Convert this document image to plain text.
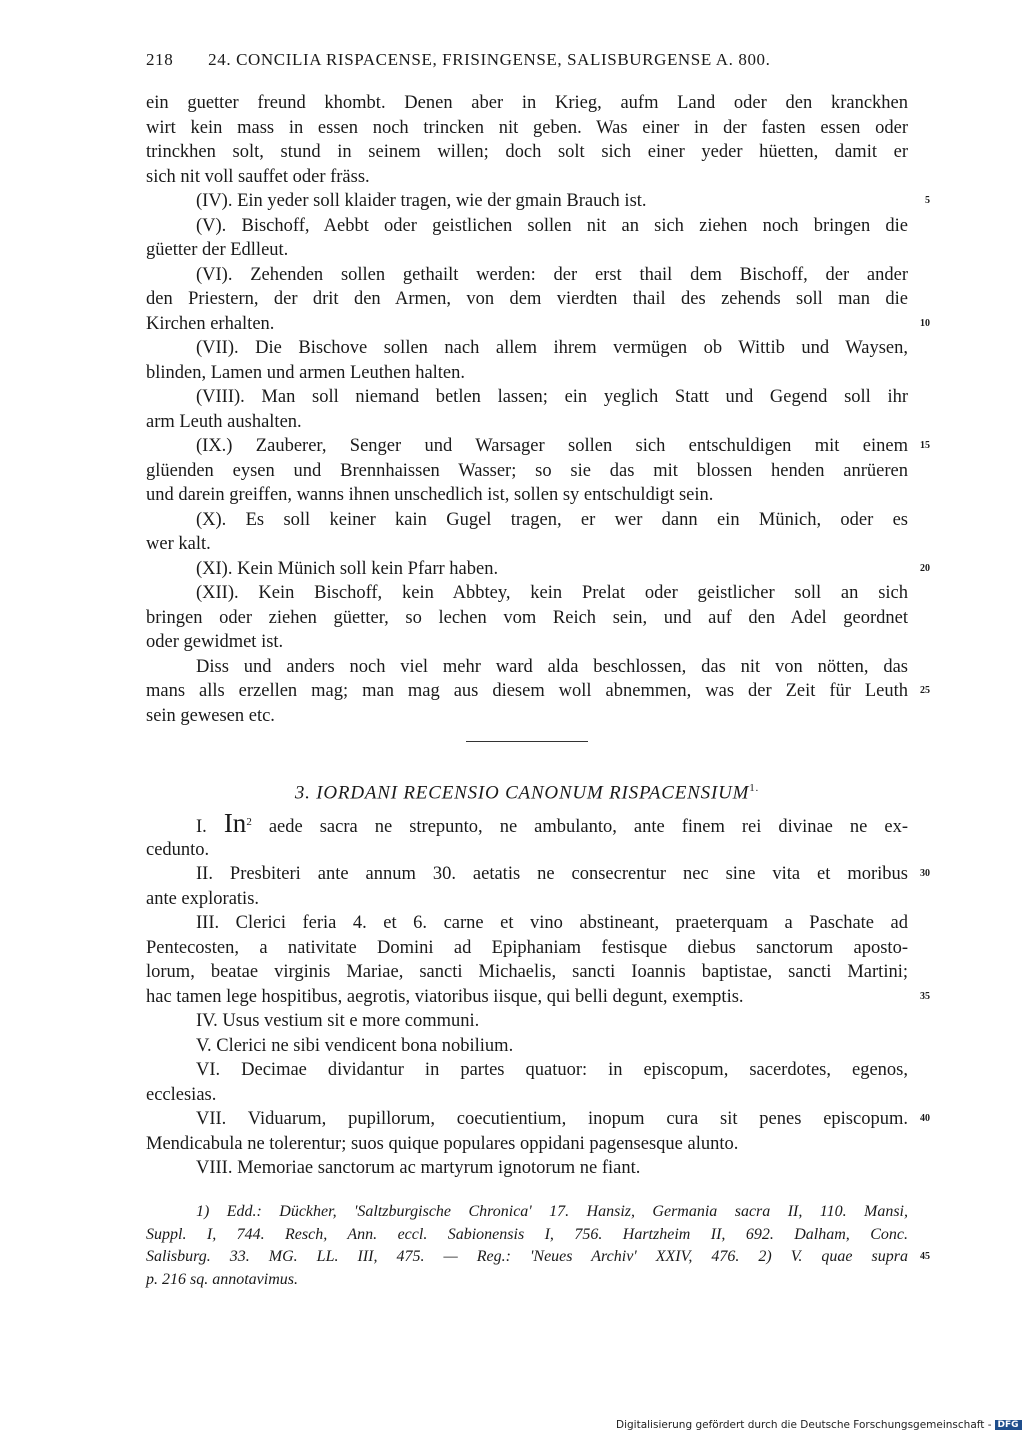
218 24. CONCILIA RISPACENSE, FRISINGENSE, SALISBURGENSE A. 800.
ein guetter freund khombt. Denen aber in Krieg, aufm Land oder den kranckhen
wirt kein mass in essen noch trincken nit geben. Was einer in der fasten essen oder
trinckhen solt, stund in seinem willen; doch solt sich einer yeder hüetten, damit er
sich nit voll sauffet oder fräss.
(IV). Ein yeder soll klaider tragen, wie der gmain Brauch ist.	5
(V). Bischoff, Aebbt oder geistlichen sollen nit an sich ziehen noch bringen die
güetter der Edlleut.
(VI). Zehenden sollen gethailt werden: der erst thail dem Bischoff, der ander
den Priestern, der drit den Armen, von dem vierdten thail des zehends soll man die
Kirchen erhalten.	10
(VII). Die Bischove sollen nach allem ihrem vermügen ob Wittib und Waysen,
blinden, Lamen und armen Leuthen halten.
(VIII). Man soll niemand betlen lassen; ein yeglich Statt und Gegend soll ihr
arm Leuth aushalten.
(IX.) Zauberer, Senger und Warsager sollen sich entschuldigen mit einem 15
glüenden eysen und Brennhaissen Wasser; so sie das mit blossen henden anrüeren
und darein greiffen, wanns ihnen unschedlich ist, sollen sy entschuldigt sein.
(X). Es soll keiner kain Gugel tragen, er wer dann ein Münich, oder es
wer kalt.
(XI). Kein Münich soll kein Pfarr haben.	20
(XII). Kein Bischoff, kein Abbtey, kein Prelat oder geistlicher soll an sich
bringen oder ziehen güetter, so lechen vom Reich sein, und auf den Adel geordnet
oder gewidmet ist.
Diss und anders noch viel mehr ward alda beschlossen, das nit von nötten, das
mans alls erzellen mag; man mag aus diesem woll abnemmen, was der Zeit für Leuth 25
sein gewesen etc.
3. IORDANI RECENSIO CANONUM $RISPACENSIUM^{1.}$
I. In$^2$ aede sacra ne strepunto, ne ambulanto, ante finem rei divinae ne ex-
cedunto.
II. Presbiteri ante annum 30. aetatis ne consecrentur nec sine vita et moribus 30
ante exploratis.
III. Clerici feria 4. et 6. carne et vino abstineant, praeterquam a Paschate ad
Pentecosten, a nativitate Domini ad Epiphaniam festisque diebus sanctorum aposto-
lorum, beatae virginis Mariae, sancti Michaelis, sancti Ioannis baptistae, sancti Martini;
hac tamen lege hospitibus, aegrotis, viatoribus iisque, qui belli degunt, exemptis.	35
IV. Usus vestium sit e more communi.
V. Clerici ne sibi vendicent bona nobilium.
VI. Decimae dividantur in partes quatuor: in episcopum, sacerdotes, egenos,
ecclesias.
VII. Viduarum, pupillorum, coecutientium, inopum cura sit penes episcopum. 40
Mendicabula ne tolerentur; suos quique populares oppidani pagensesque alunto.
VIII. Memoriae sanctorum ac martyrum ignotorum ne fiant.
1) Edd.: Dückher, 'Saltzburgische Chronica' 17. Hansiz, Germania sacra II, 110. Mansi,
Suppl. I, 744. Resch, Ann. eccl. Sabionensis I, 756. Hartzheim II, 692. Dalham, Conc.
Salisburg. 33. MG. LL. III, 475. — Reg.: 'Neues Archiv' XXIV, 476. 2) V. quae supra 45
p. 216 sq. annotavimus.
Digitalisierung gefördert durch die Deutsche Forschungsgemeinschaft - DFG
